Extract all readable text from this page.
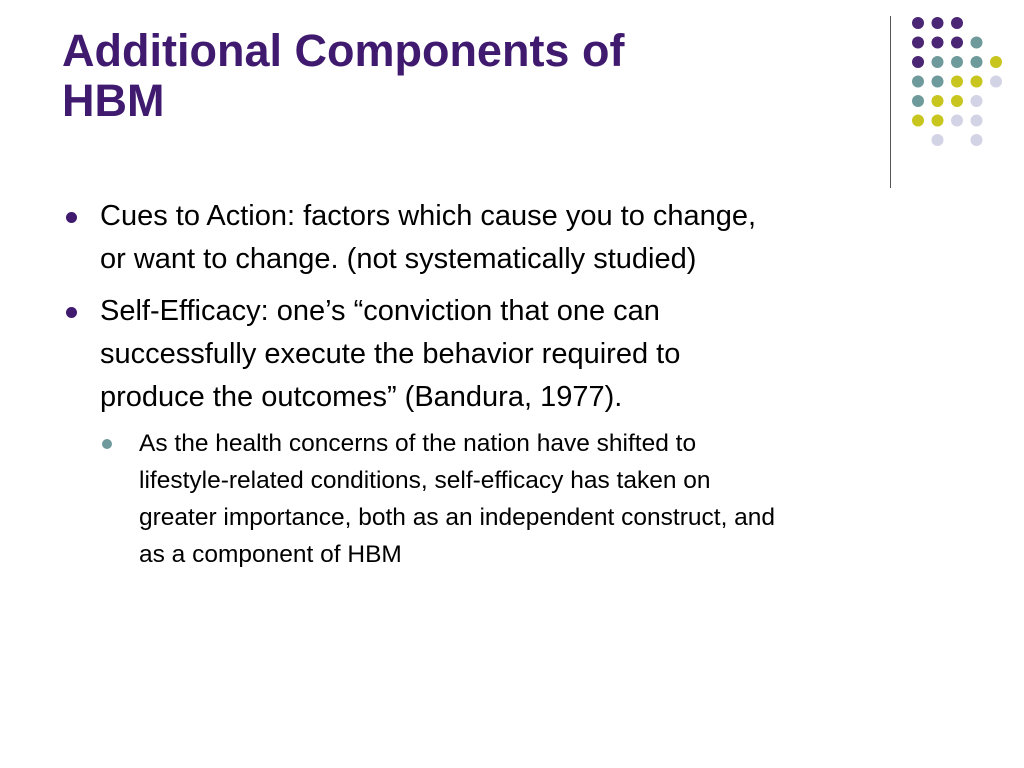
Additional Components of
HBM
Cues to Action: factors which cause you to change,
or want to change. (not systematically studied)
Self-Efficacy: one’s “conviction that one can
successfully execute the behavior required to
produce the outcomes” (Bandura, 1977).
As the health concerns of the nation have shifted to
lifestyle-related conditions, self-efficacy has taken on
greater importance, both as an independent construct, and
as a component of HBM
